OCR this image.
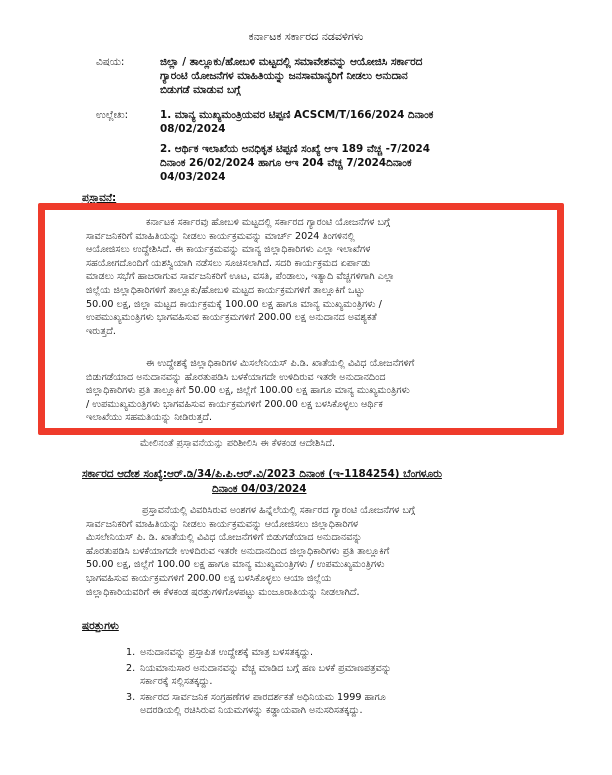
ಕರ್ನಾಟಕ ಸರ್ಕಾರದ ನಡವಳಿಗಳು
ವಿಷಯ:	ಜಿಲ್ಲಾ / ತಾಲ್ಲೂಕು/ಹೋಬಳಿ ಮಟ್ಟದಲ್ಲಿ ಸಮಾವೇಶವನ್ನು ಆಯೋಜಿಸಿ ಸರ್ಕಾರದ
ಗ್ಯಾರಂಟಿ ಯೋಜನೆಗಳ ಮಾಹಿತಿಯನ್ನು ಜನಸಾಮಾನ್ಯರಿಗೆ ನೀಡಲು ಅನುದಾನ
ಬಿಡುಗಡೆ ಮಾಡುವ ಬಗ್ಗೆ
ಉಲ್ಲೇಖ:	1. ಮಾನ್ಯ ಮುಖ್ಯಮಂತ್ರಿಯವರ ಟಿಪ್ಪಣಿ ACSCM/T/166/2024 ದಿನಾಂಕ
08/02/2024
2. ಆರ್ಥಿಕ ಇಲಾಖೆಯ ಅನಧಿಕೃತ ಟಿಪ್ಪಣಿ ಸಂಖ್ಯೆ ಆಇ 189 ವೆಚ್ಚ -7/2024
ದಿನಾಂಕ 26/02/2024 ಹಾಗೂ ಆಇ 204 ವೆಚ್ಚ 7/2024ದಿನಾಂಕ
04/03/2024
ಪ್ರಸ್ತಾವನೆ:
ಕರ್ನಾಟಕ ಸರ್ಕಾರವು ಹೋಬಳಿ ಮಟ್ಟದಲ್ಲಿ ಸರ್ಕಾರದ ಗ್ಯಾರಂಟಿ ಯೋಜನೆಗಳ ಬಗ್ಗೆ
ಸಾರ್ವಜನಿಕರಿಗೆ ಮಾಹಿತಿಯನ್ನು ನೀಡಲು ಕಾರ್ಯಕ್ರಮವನ್ನು ಮಾರ್ಚ್ 2024 ತಿಂಗಳಿನಲ್ಲಿ
ಆಯೋಜಿಸಲು ಉದ್ದೇಶಿಸಿದೆ. ಈ ಕಾರ್ಯಕ್ರಮವನ್ನು ಮಾನ್ಯ ಜಿಲ್ಲಾಧಿಕಾರಿಗಳು ಎಲ್ಲಾ ಇಲಾಖೆಗಳ
ಸಹಯೋಗದೊಂದಿಗೆ ಯಶಸ್ವಿಯಾಗಿ ನಡೆಸಲು ಸೂಚಿಸಲಾಗಿದೆ. ಸದರಿ ಕಾರ್ಯಕ್ರಮದ ಏರ್ಪಾಡು
ಮಾಡಲು ಸಭೆಗೆ ಹಾಜರಾಗುವ ಸಾರ್ವಜನಿಕರಿಗೆ ಊಟ, ವಸತಿ, ಪೆಂಡಾಲು, ಇತ್ಯಾದಿ ವೆಚ್ಚಗಳಿಗಾಗಿ ಎಲ್ಲಾ
ಜಿಲ್ಲೆಯ ಜಿಲ್ಲಾಧಿಕಾರಿಗಳಿಗೆ ತಾಲ್ಲೂಕು/ಹೋಬಳಿ ಮಟ್ಟದ ಕಾರ್ಯಕ್ರಮಗಳಿಗೆ ತಾಲ್ಲೂಕಿಗೆ ಒಟ್ಟು
50.00 ಲಕ್ಷ, ಜಿಲ್ಲಾ ಮಟ್ಟದ ಕಾರ್ಯಕ್ರಮಕ್ಕೆ 100.00 ಲಕ್ಷ ಹಾಗೂ ಮಾನ್ಯ ಮುಖ್ಯಮಂತ್ರಿಗಳು /
ಉಪಮುಖ್ಯಮಂತ್ರಿಗಳು ಭಾಗವಹಿಸುವ ಕಾರ್ಯಕ್ರಮಗಳಿಗೆ 200.00 ಲಕ್ಷ ಅನುದಾನದ ಅವಶ್ಯಕತೆ
ಇರುತ್ತದೆ.
ಈ ಉದ್ದೇಶಕ್ಕೆ ಜಿಲ್ಲಾಧಿಕಾರಿಗಳ ಮಿಸಲೇನಿಯಸ್ ಪಿ.ಡಿ. ಖಾತೆಯಲ್ಲಿ ವಿವಿಧ ಯೋಜನೆಗಳಿಗೆ
ಬಿಡುಗಡೆಯಾದ ಅನುದಾನವನ್ನು ಹೊರತುಪಡಿಸಿ ಬಳಕೆಯಾಗದೇ ಉಳಿದಿರುವ ಇತರೇ ಅನುದಾನದಿಂದ
ಜಿಲ್ಲಾಧಿಕಾರಿಗಳು ಪ್ರತಿ ತಾಲ್ಲೂಕಿಗೆ 50.00 ಲಕ್ಷ, ಜಿಲ್ಲೆಗೆ 100.00 ಲಕ್ಷ ಹಾಗೂ ಮಾನ್ಯ ಮುಖ್ಯಮಂತ್ರಿಗಳು
/ ಉಪಮುಖ್ಯಮಂತ್ರಿಗಳು ಭಾಗವಹಿಸುವ ಕಾರ್ಯಕ್ರಮಗಳಿಗೆ 200.00 ಲಕ್ಷ ಬಳಸಿಕೊಳ್ಳಲು ಆರ್ಥಿಕ
ಇಲಾಖೆಯು ಸಹಮತಿಯನ್ನು ನೀಡಿರುತ್ತದೆ.
ಮೇಲಿನಂತೆ ಪ್ರಸ್ತಾವನೆಯನ್ನು ಪರಿಶೀಲಿಸಿ ಈ ಕೆಳಕಂಡ ಆದೇಶಿಸಿದೆ.
ಸರ್ಕಾರದ ಆದೇಶ ಸಂಖ್ಯೆ:ಆರ್.ಡಿ/34/ಪಿ.ಪಿ.ಆರ್.ವಿ/2023 ದಿನಾಂಕ (ಇ-1184254) ಬೆಂಗಳೂರು
ದಿನಾಂಕ 04/03/2024
ಪ್ರಸ್ತಾವನೆಯಲ್ಲಿ ವಿವರಿಸಿರುವ ಅಂಶಗಳ ಹಿನ್ನೆಲೆಯಲ್ಲಿ ಸರ್ಕಾರದ ಗ್ಯಾರಂಟಿ ಯೋಜನೆಗಳ ಬಗ್ಗೆ
ಸಾರ್ವಜನಿಕರಿಗೆ ಮಾಹಿತಿಯನ್ನು ನೀಡಲು ಕಾರ್ಯಕ್ರಮವನ್ನು ಆಯೋಜಿಸಲು ಜಿಲ್ಲಾಧಿಕಾರಿಗಳ
ಮಿಸಲೇನಿಯಸ್ ಪಿ. ಡಿ. ಖಾತೆಯಲ್ಲಿ ವಿವಿಧ ಯೋಜನೆಗಳಿಗೆ ಬಿಡುಗಡೆಯಾದ ಅನುದಾನವನ್ನು
ಹೊರತುಪಡಿಸಿ ಬಳಕೆಯಾಗದೇ ಉಳಿದಿರುವ ಇತರೇ ಅನುದಾನದಿಂದ ಜಿಲ್ಲಾಧಿಕಾರಿಗಳು ಪ್ರತಿ ತಾಲ್ಲೂಕಿಗೆ
50.00 ಲಕ್ಷ, ಜಿಲ್ಲೆಗೆ 100.00 ಲಕ್ಷ ಹಾಗೂ ಮಾನ್ಯ ಮುಖ್ಯಮಂತ್ರಿಗಳು / ಉಪಮುಖ್ಯಮಂತ್ರಿಗಳು
ಭಾಗವಹಿಸುವ ಕಾರ್ಯಕ್ರಮಗಳಿಗೆ 200.00 ಲಕ್ಷ ಬಳಸಿಕೊಳ್ಳಲು ಆಯಾ ಜಿಲ್ಲೆಯ
ಜಿಲ್ಲಾಧಿಕಾರಿಯವರಿಗೆ ಈ ಕೆಳಕಂಡ ಷರತ್ತುಗಳಿಗೊಳಪಟ್ಟು ಮಂಜೂರಾತಿಯನ್ನು ನೀಡಲಾಗಿದೆ.
ಷರತ್ತುಗಳು
1. ಅನುದಾನವನ್ನು ಪ್ರಸ್ತಾಪಿತ ಉದ್ದೇಶಕ್ಕೆ ಮಾತ್ರ ಬಳಸತಕ್ಕದ್ದು.
2. ನಿಯಮಾನುಸಾರ ಅನುದಾನವನ್ನು ವೆಚ್ಚ ಮಾಡಿದ ಬಗ್ಗೆ ಹಣ ಬಳಕೆ ಪ್ರಮಾಣಪತ್ರವನ್ನು
ಸರ್ಕಾರಕ್ಕೆ ಸಲ್ಲಿಸತಕ್ಕದ್ದು.
3. ಸರ್ಕಾರದ ಸಾರ್ವಜನಿಕ ಸಂಗ್ರಹಣೆಗಳ ಪಾರದರ್ಶಕತೆ ಅಧಿನಿಯಮ 1999 ಹಾಗೂ
ಅದರಡಿಯಲ್ಲಿ ರಚಿಸಿರುವ ನಿಯಮಗಳನ್ನು ಕಡ್ಡಾಯವಾಗಿ ಅನುಸರಿಸತಕ್ಕದ್ದು.
